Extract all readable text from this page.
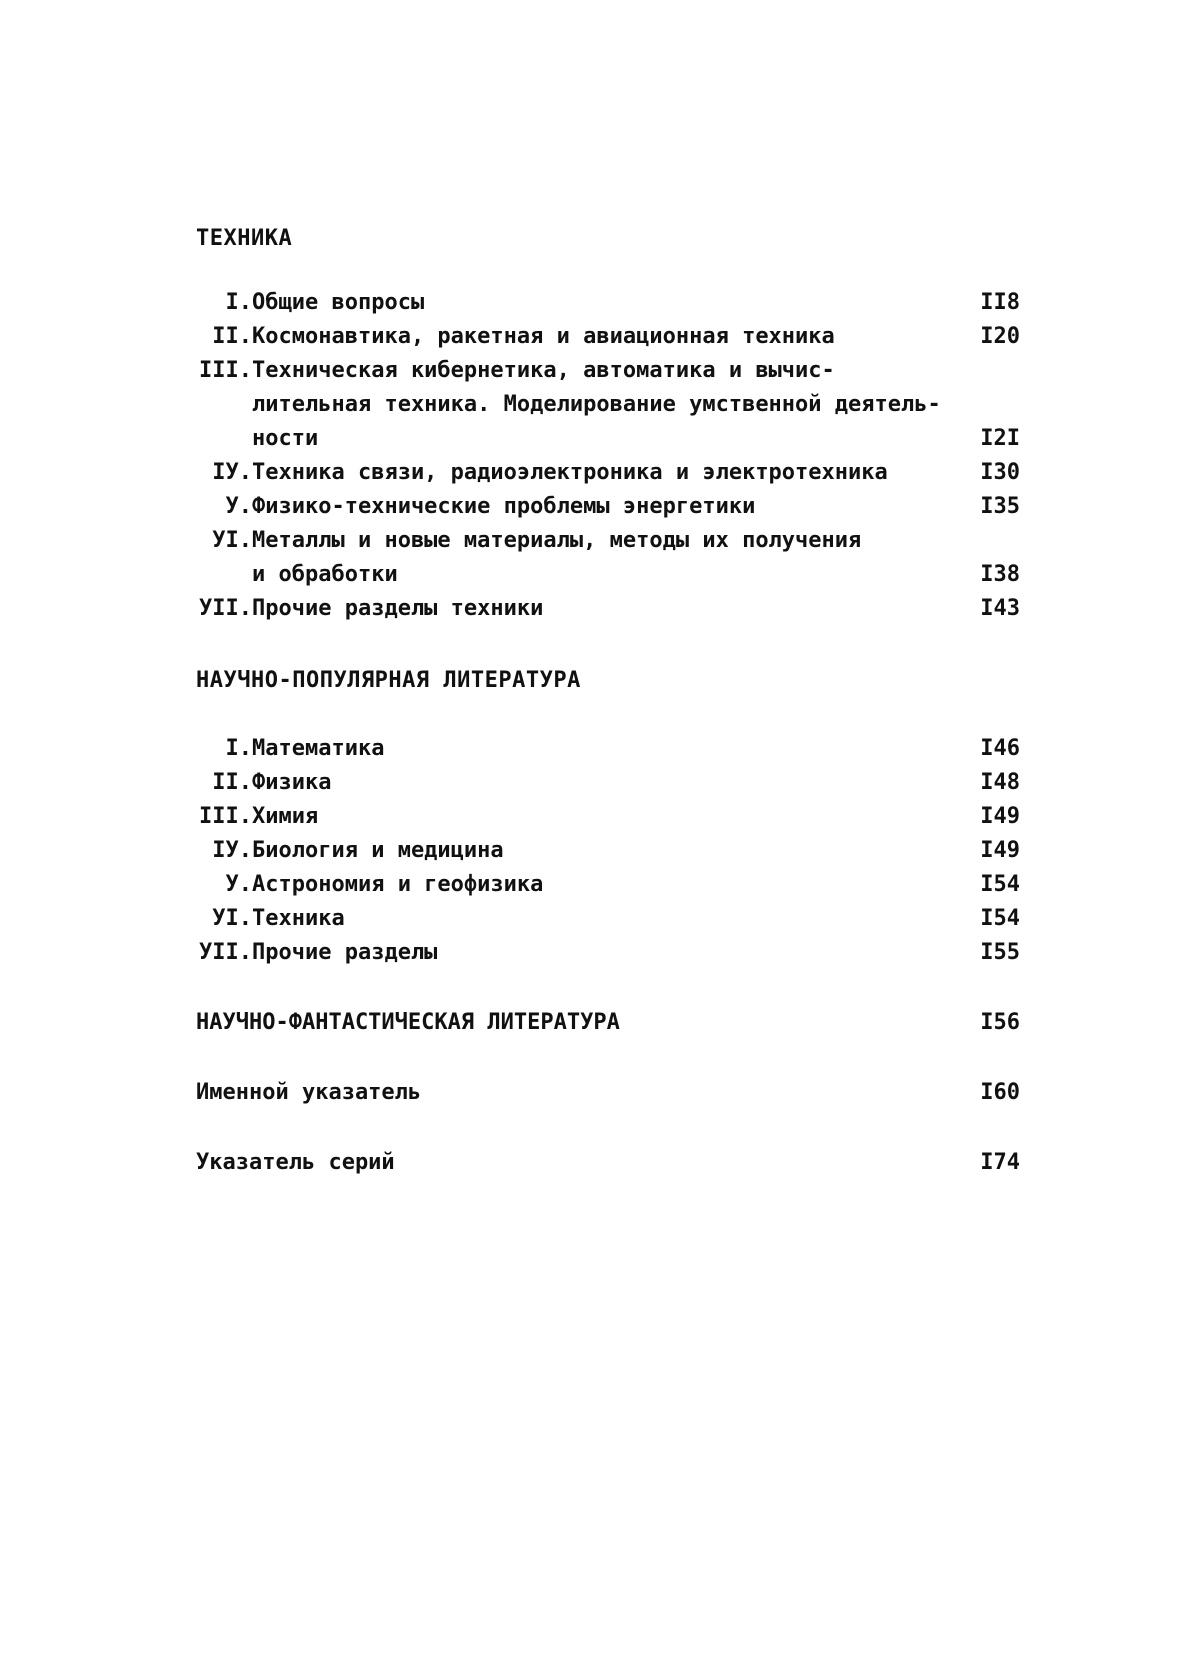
ТЕХНИКА
I. Общие вопросы	II8
II. Космонавтика, ракетная и авиационная техника	I20
III. Техническая кибернетика, автоматика и вычис-
лительная техника. Моделирование умственной деятель-
ности	I2I
IУ. Техника связи, радиоэлектроника и электротехника	I30
У. Физико-технические проблемы энергетики	I35
УI. Металлы и новые материалы, методы их получения
и обработки	I38
УII. Прочие разделы техники	I43
НАУЧНО-ПОПУЛЯРНАЯ ЛИТЕРАТУРА
I. Математика	I46
II. Физика	I48
III. Химия	I49
IУ. Биология и медицина	I49
У. Астрономия и геофизика	I54
УI. Техника	I54
УII. Прочие разделы	I55
НАУЧНО-ФАНТАСТИЧЕСКАЯ ЛИТЕРАТУРА	I56
Именной указатель	I60
Указатель серий	I74
